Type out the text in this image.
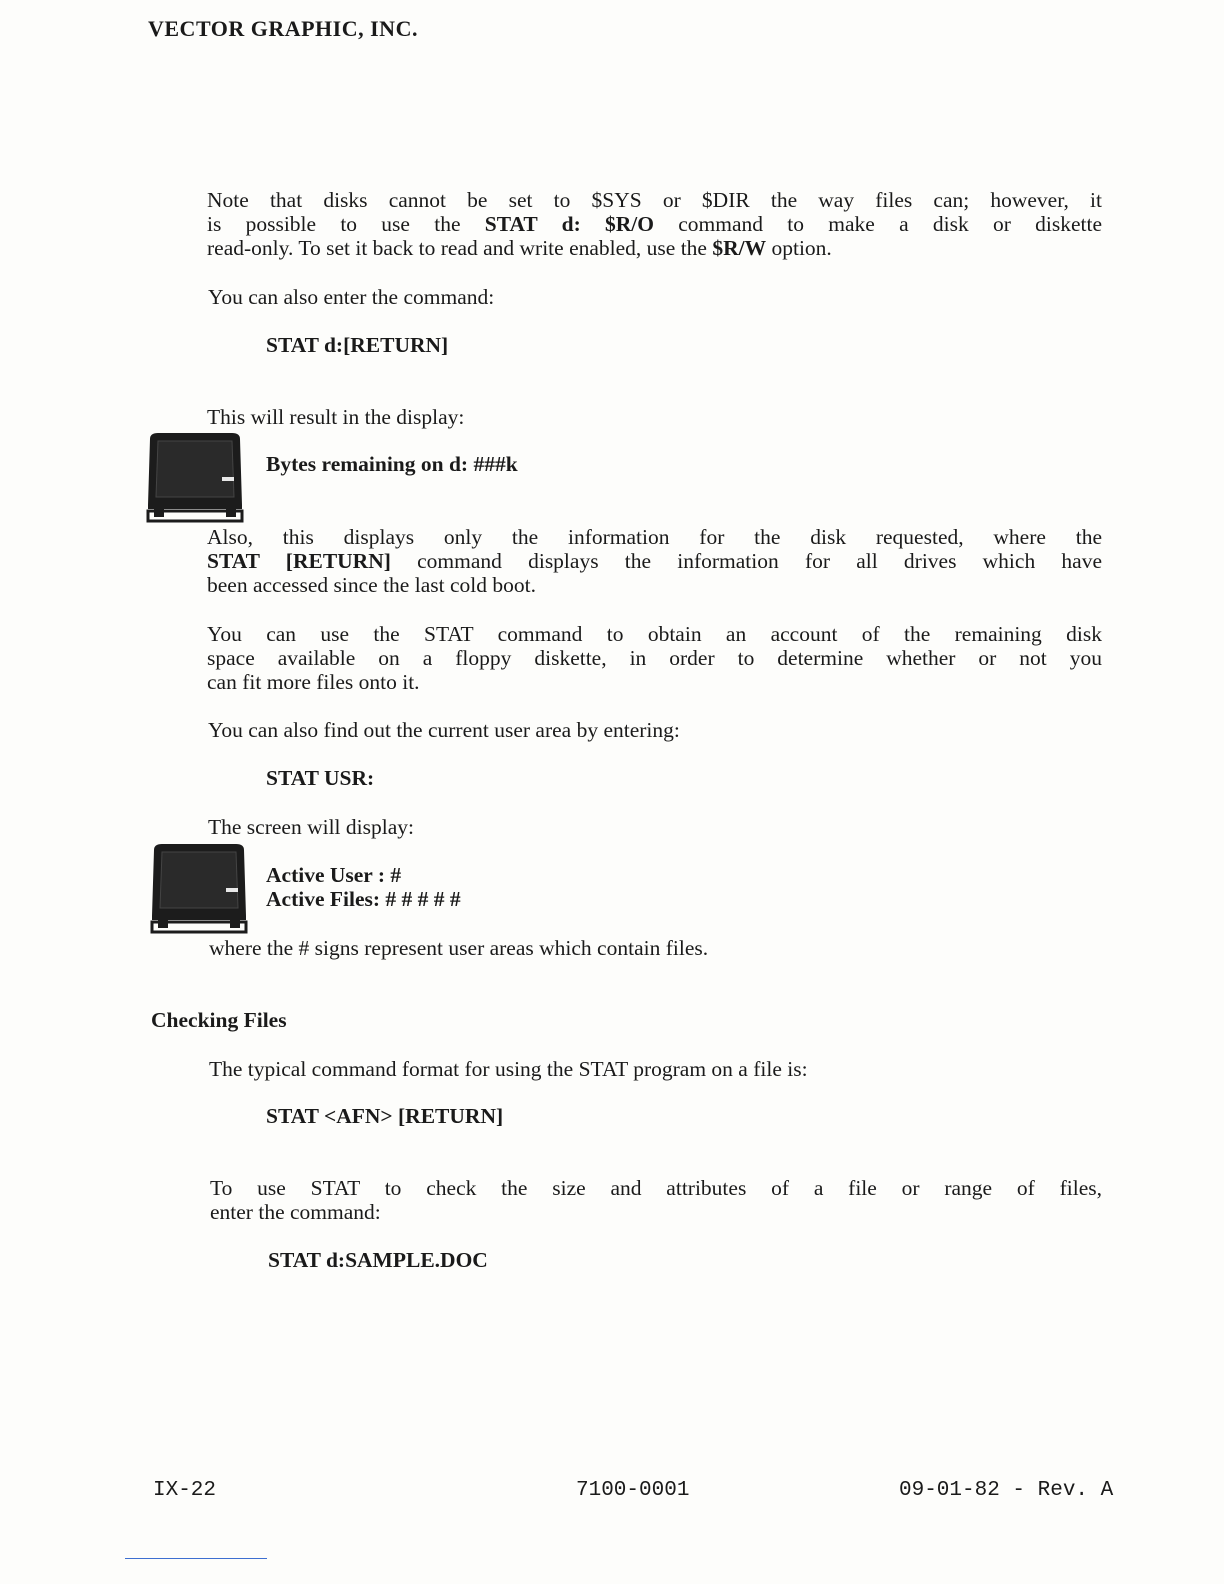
VECTOR GRAPHIC, INC.
Note that disks cannot be set to $SYS or $DIR the way files can; however, it
is possible to use the STAT d: $R/O command to make a disk or diskette
read-only. To set it back to read and write enabled, use the $R/W option.
You can also enter the command:
STAT d:[RETURN]
This will result in the display:
Bytes remaining on d: ###k
Also, this displays only the information for the disk requested, where the
STAT [RETURN] command displays the information for all drives which have
been accessed since the last cold boot.
You can use the STAT command to obtain an account of the remaining disk
space available on a floppy diskette, in order to determine whether or not you
can fit more files onto it.
You can also find out the current user area by entering:
STAT USR:
The screen will display:
Active User : #
Active Files: # # # # #
where the # signs represent user areas which contain files.
Checking Files
The typical command format for using the STAT program on a file is:
STAT <AFN> [RETURN]
To use STAT to check the size and attributes of a file or range of files,
enter the command:
STAT d:SAMPLE.DOC
IX-22	7100-0001	09-01-82 - Rev. A
